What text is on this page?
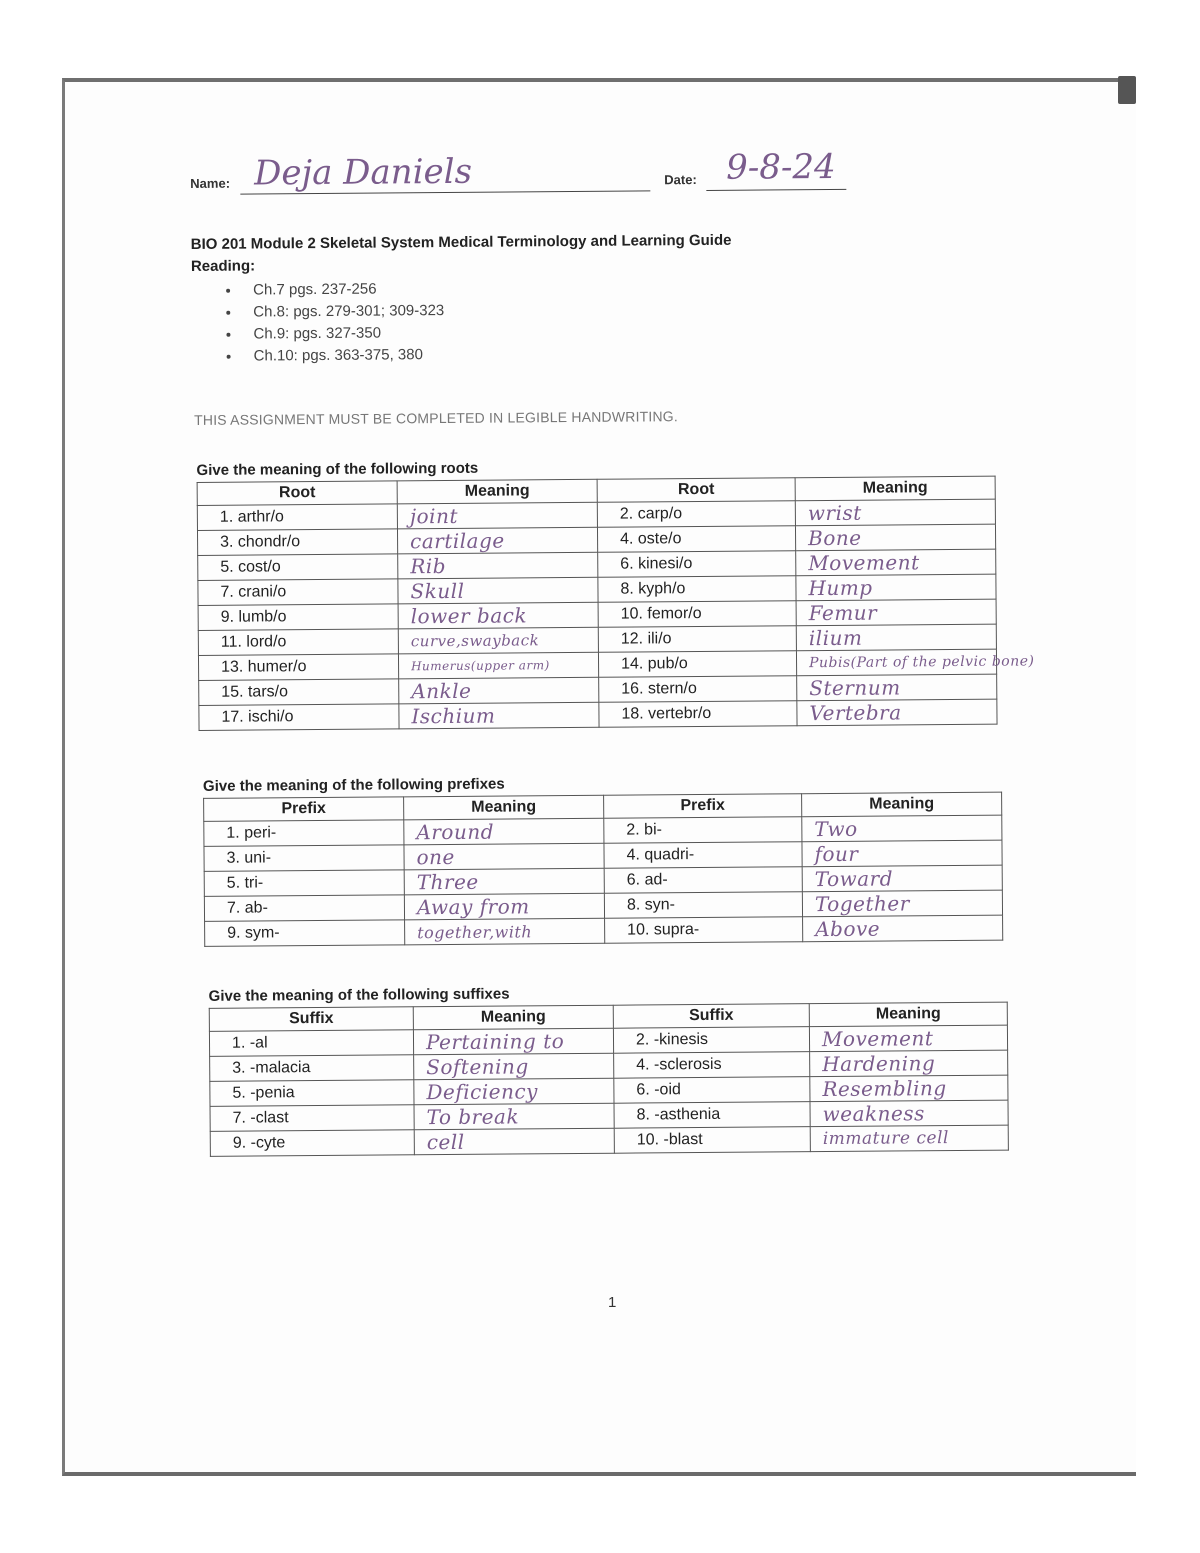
Name: Deja Daniels	Date: 9-8-24
BIO 201 Module 2 Skeletal System Medical Terminology and Learning Guide
Reading:
• Ch.7 pgs. 237-256
• Ch.8: pgs. 279-301; 309-323
• Ch.9: pgs. 327-350
• Ch.10: pgs. 363-375, 380
THIS ASSIGNMENT MUST BE COMPLETED IN LEGIBLE HANDWRITING.
Give the meaning of the following roots
Root	Meaning	Root	Meaning
1. arthr/o	joint	2. carp/o	wrist
3. chondr/o	cartilage	4. oste/o	Bone
5. cost/o	Rib	6. kinesi/o	Movement
7. crani/o	Skull	8. kyph/o	Hump
9. lumb/o	lower back	10. femor/o	Femur
11. lord/o	curve,swayback	12. ili/o	ilium
13. humer/o	Humerus(upper arm)	14. pub/o	Pubis(Part of the pelvic bone)
15. tars/o	Ankle	16. stern/o	Sternum
17. ischi/o	Ischium	18. vertebr/o	Vertebra
Give the meaning of the following prefixes
Prefix	Meaning	Prefix	Meaning
1. peri-	Around	2. bi-	Two
3. uni-	one	4. quadri-	four
5. tri-	Three	6. ad-	Toward
7. ab-	Away from	8. syn-	Together
9. sym-	together,with	10. supra-	Above
Give the meaning of the following suffixes
Suffix	Meaning	Suffix	Meaning
1. -al	Pertaining to	2. -kinesis	Movement
3. -malacia	Softening	4. -sclerosis	Hardening
5. -penia	Deficiency	6. -oid	Resembling
7. -clast	To break	8. -asthenia	weakness
9. -cyte	cell	10. -blast	immature cell
1
